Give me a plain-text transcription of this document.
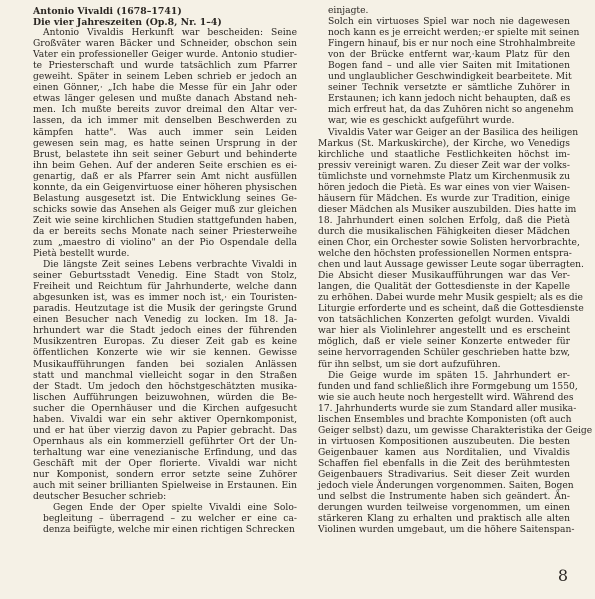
Antonio Vivaldi (1678–1741)

Die vier Jahreszeiten (Op.8, Nr. 1–4)

Antonio Vivaldis Herkunft war bescheiden: Seine
Großväter waren Bäcker und Schneider, obschon sein
Vater ein professioneller Geiger wurde. Antonio studier-
te Priesterschaft und wurde tatsächlich zum Pfarrer
geweiht. Später in seinem Leben schrieb er jedoch an
einen Gönner,· „Ich habe die Messe für ein Jahr oder
etwas länger gelesen und mußte danach Abstand neh-
men. Ich mußte bereits zuvor dreimal den Altar ver-
lassen, da ich immer mit denselben Beschwerden zu
kämpfen hatte". Was auch immer sein Leiden
gewesen sein mag, es hatte seinen Ursprung in der
Brust, belastete ihn seit seiner Geburt und behinderte
ihn beim Gehen. Auf der anderen Seite erschien es ei-
genartig, daß er als Pfarrer sein Amt nicht ausfüllen
konnte, da ein Geigenvirtuose einer höheren physischen
Belastung ausgesetzt ist. Die Entwicklung seines Ge-
schicks sowie das Ansehen als Geiger muß zur gleichen
Zeit wie seine kirchlichen Studien stattgefunden haben,
da er bereits sechs Monate nach seiner Priesterweihe
zum „maestro di violino" an der Pio Ospendale della
Pietà bestellt wurde.

Die längste Zeit seines Lebens verbrachte Vivaldi in
seiner Geburtsstadt Venedig. Eine Stadt von Stolz,
Freiheit und Reichtum für Jahrhunderte, welche dann
abgesunken ist, was es immer noch ist,· ein Touristen-
paradis. Heutzutage ist die Musik der geringste Grund
einen Besucher nach Venedig zu locken. Im 18. Ja-
hrhundert war die Stadt jedoch eines der führenden
Musikzentren Europas. Zu dieser Zeit gab es keine
öffentlichen Konzerte wie wir sie kennen. Gewisse
Musikaufführungen fanden bei sozialen Anlässen
statt und manchmal vielleicht sogar in den Straßen
der Stadt. Um jedoch den höchstgeschätzten musika-
lischen Aufführungen beizuwohnen, würden die Be-
sucher die Opernhäuser und die Kirchen aufgesucht
haben. Vivaldi war ein sehr aktiver Opernkomponist,
und er hat über vierzig davon zu Papier gebracht. Das
Opernhaus als ein kommerziell geführter Ort der Un-
terhaltung war eine venezianische Erfindung, und das
Geschäft mit der Oper florierte. Vivaldi war nicht
nur Komponist, sondern error setzte seine Zuhörer
auch mit seiner brillianten Spielweise in Erstaunen. Ein
deutscher Besucher schrieb:

Gegen Ende der Oper spielte Vivaldi eine Solo-
begleitung – überragend – zu welcher er eine ca-
denza beifügte, welche mir einen richtigen Schrecken

einjagte.
Solch ein virtuoses Spiel war noch nie dagewesen
noch kann es je erreicht werden;·er spielte mit seinen
Fingern hinauf, bis er nur noch eine Strohhalmbreite
von der Brücke entfernt war,·kaum Platz für den
Bogen fand – und alle vier Saiten mit Imitationen
und unglaublicher Geschwindigkeit bearbeitete. Mit
seiner Technik versetzte er sämtliche Zuhörer in
Erstaunen; ich kann jedoch nicht behaupten, daß es
mich erfreut hat, da das Zuhören nicht so angenehm
war, wie es geschickt aufgeführt wurde.

Vivaldis Vater war Geiger an der Basilica des heiligen
Markus (St. Markuskirche), der Kirche, wo Venedigs
kirchliche und staatliche Festlichkeiten höchst im-
pressiv vereinigt waren. Zu dieser Zeit war der volks-
tümlichste und vornehmste Platz um Kirchenmusik zu
hören jedoch die Pietà. Es war eines von vier Waisen-
häusern für Mädchen. Es wurde zur Tradition, einige
dieser Mädchen als Musiker auszubilden. Dies hatte im
18. Jahrhundert einen solchen Erfolg, daß die Pietà
durch die musikalischen Fähigkeiten dieser Mädchen
einen Chor, ein Orchester sowie Solisten hervorbrachte,
welche den höchsten professionellen Normen entspra-
chen und laut Aussage gewisser Leute sogar überragten.
Die Absicht dieser Musikaufführungen war das Ver-
langen, die Qualität der Gottesdienste in der Kapelle
zu erhöhen. Dabei wurde mehr Musik gespielt; als es die
Liturgie erforderte und es scheint, daß die Gottesdienste
von tatsächlichen Konzerten gefolgt wurden. Vivaldi
war hier als Violinlehrer angestellt und es erscheint
möglich, daß er viele seiner Konzerte entweder für
seine hervorragenden Schüler geschrieben hatte bzw,
für ihn selbst, um sie dort aufzuführen.

Die Geige wurde im späten 15. Jahrhundert er-
funden und fand schließlich ihre Formgebung um 1550,
wie sie auch heute noch hergestellt wird. Während des
17. Jahrhunderts wurde sie zum Standard aller musika-
lischen Ensembles und brachte Komponisten (oft auch
Geiger selbst) dazu, um gewisse Charakteristika der Geige
in virtuosen Kompositionen auszubeuten. Die besten
Geigenbauer kamen aus Norditalien, und Vivaldis
Schaffen fiel ebenfalls in die Zeit des berühmtesten
Geigenbauers Stradivarius. Seit dieser Zeit wurden
jedoch viele Änderungen vorgenommen. Saiten, Bogen
und selbst die Instrumente haben sich geändert. Än-
derungen wurden teilweise vorgenommen, um einen
stärkeren Klang zu erhalten und praktisch alle alten
Violinen wurden umgebaut, um die höhere Saitenspan-

8
